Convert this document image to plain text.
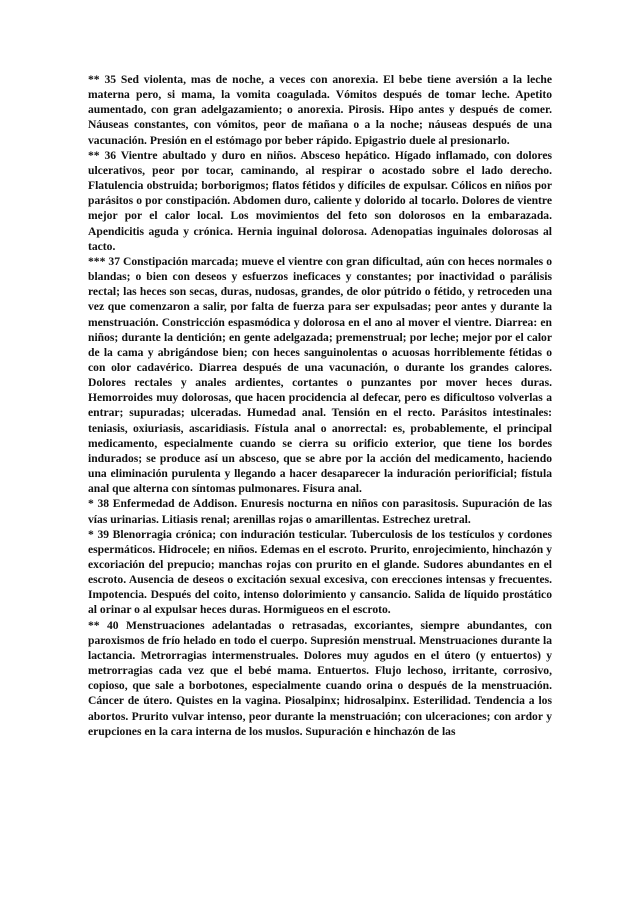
** 35 Sed violenta, mas de noche, a veces con anorexia. El bebe tiene aversión a la leche materna pero, si mama, la vomita coagulada. Vómitos después de tomar leche. Apetito aumentado, con gran adelgazamiento; o anorexia. Pirosis. Hipo antes y después de comer. Náuseas constantes, con vómitos, peor de mañana o a la noche; náuseas después de una vacunación. Presión en el estómago por beber rápido. Epigastrio duele al presionarlo.

** 36 Vientre abultado y duro en niños. Absceso hepático. Hígado inflamado, con dolores ulcerativos, peor por tocar, caminando, al respirar o acostado sobre el lado derecho. Flatulencia obstruida; borborigmos; flatos fétidos y difíciles de expulsar. Cólicos en niños por parásitos o por constipación. Abdomen duro, caliente y dolorido al tocarlo. Dolores de vientre mejor por el calor local. Los movimientos del feto son dolorosos en la embarazada. Apendicitis aguda y crónica. Hernia inguinal dolorosa. Adenopatias inguinales dolorosas al tacto.

*** 37 Constipación marcada; mueve el vientre con gran dificultad, aún con heces normales o blandas; o bien con deseos y esfuerzos ineficaces y constantes; por inactividad o parálisis rectal; las heces son secas, duras, nudosas, grandes, de olor pútrido o fétido, y retroceden una vez que comenzaron a salir, por falta de fuerza para ser expulsadas; peor antes y durante la menstruación. Constricción espasmódica y dolorosa en el ano al mover el vientre. Diarrea: en niños; durante la dentición; en gente adelgazada; premenstrual; por leche; mejor por el calor de la cama y abrigándose bien; con heces sanguinolentas o acuosas horriblemente fétidas o con olor cadavérico. Diarrea después de una vacunación, o durante los grandes calores. Dolores rectales y anales ardientes, cortantes o punzantes por mover heces duras. Hemorroides muy dolorosas, que hacen procidencia al defecar, pero es dificultoso volverlas a entrar; supuradas; ulceradas. Humedad anal. Tensión en el recto. Parásitos intestinales: teniasis, oxiuriasis, ascaridiasis. Fístula anal o anorrectal: es, probablemente, el principal medicamento, especialmente cuando se cierra su orificio exterior, que tiene los bordes indurados; se produce así un absceso, que se abre por la acción del medicamento, haciendo una eliminación purulenta y llegando a hacer desaparecer la induración periorificial; fístula anal que alterna con síntomas pulmonares. Fisura anal.

* 38 Enfermedad de Addison. Enuresis nocturna en niños con parasitosis. Supuración de las vías urinarias. Litiasis renal; arenillas rojas o amarillentas. Estrechez uretral.

* 39 Blenorragia crónica; con induración testicular. Tuberculosis de los testículos y cordones espermáticos. Hidrocele; en niños. Edemas en el escroto. Prurito, enrojecimiento, hinchazón y excoriación del prepucio; manchas rojas con prurito en el glande. Sudores abundantes en el escroto. Ausencia de deseos o excitación sexual excesiva, con erecciones intensas y frecuentes. Impotencia. Después del coito, intenso dolorimiento y cansancio. Salida de líquido prostático al orinar o al expulsar heces duras. Hormigueos en el escroto.

** 40 Menstruaciones adelantadas o retrasadas, excoriantes, siempre abundantes, con paroxismos de frío helado en todo el cuerpo. Supresión menstrual. Menstruaciones durante la lactancia. Metrorragias intermenstruales. Dolores muy agudos en el útero (y entuertos) y metrorragias cada vez que el bebé mama. Entuertos. Flujo lechoso, irritante, corrosivo, copioso, que sale a borbotones, especialmente cuando orina o después de la menstruación. Cáncer de útero. Quistes en la vagina. Piosalpinx; hidrosalpinx. Esterilidad. Tendencia a los abortos. Prurito vulvar intenso, peor durante la menstruación; con ulceraciones; con ardor y erupciones en la cara interna de los muslos. Supuración e hinchazón de las
